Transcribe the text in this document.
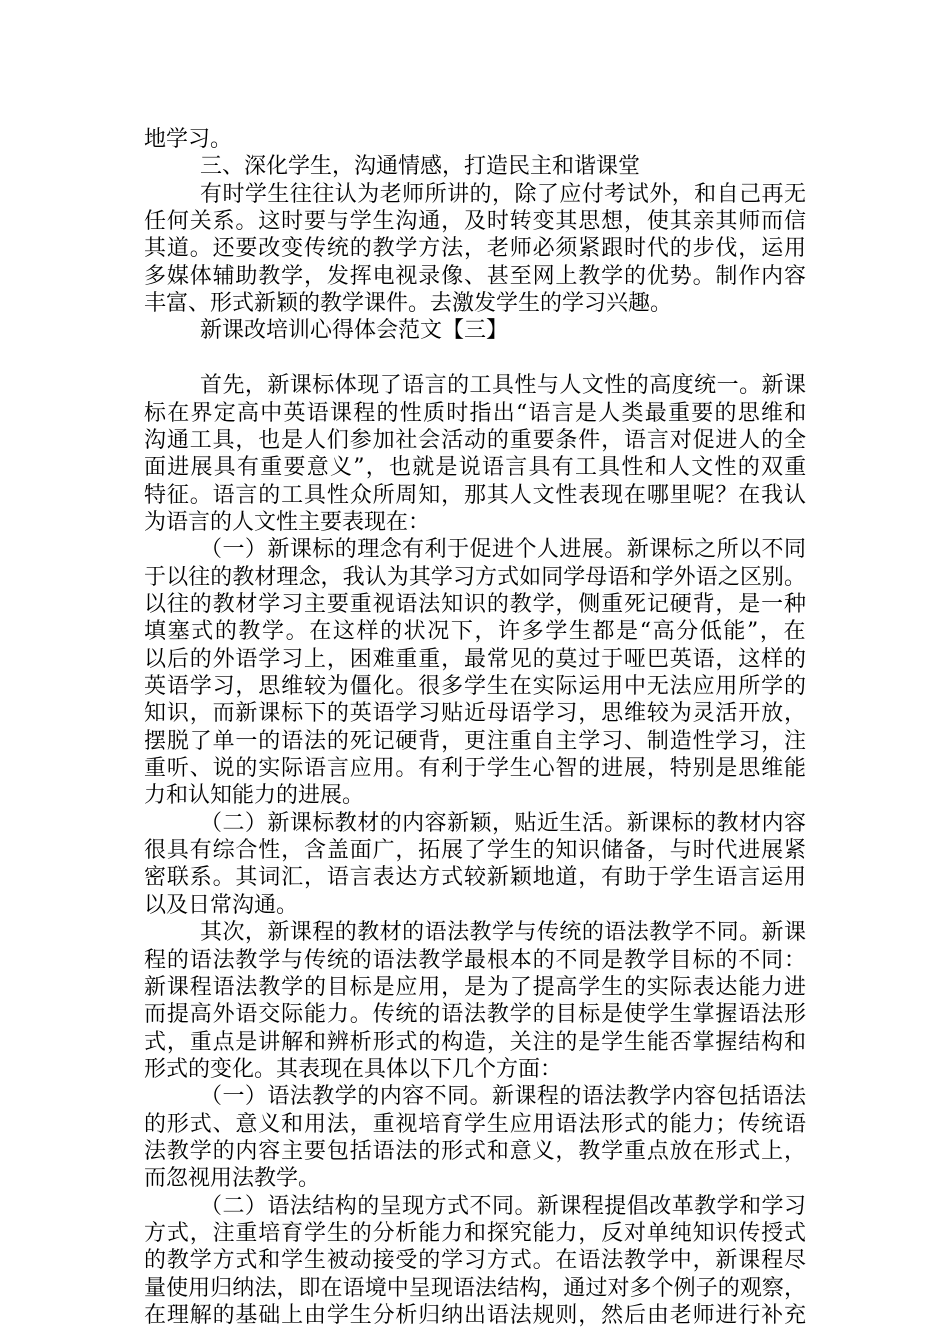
地学习。

三、深化学生，沟通情感，打造民主和谐课堂

有时学生往往认为老师所讲的，除了应付考试外，和自己再无

任何关系。这时要与学生沟通，及时转变其思想，使其亲其师而信

其道。还要改变传统的教学方法，老师必须紧跟时代的步伐，运用

多媒体辅助教学，发挥电视录像、甚至网上教学的优势。制作内容

丰富、形式新颖的教学课件。去激发学生的学习兴趣。

新课改培训心得体会范文【三】

首先，新课标体现了语言的工具性与人文性的高度统一。新课

标在界定高中英语课程的性质时指出“语言是人类最重要的思维和

沟通工具，也是人们参加社会活动的重要条件，语言对促进人的全

面进展具有重要意义”，也就是说语言具有工具性和人文性的双重

特征。语言的工具性众所周知，那其人文性表现在哪里呢？在我认

为语言的人文性主要表现在：

（一）新课标的理念有利于促进个人进展。新课标之所以不同

于以往的教材理念，我认为其学习方式如同学母语和学外语之区别。

以往的教材学习主要重视语法知识的教学，侧重死记硬背，是一种

填塞式的教学。在这样的状况下，许多学生都是“高分低能”，在

以后的外语学习上，困难重重，最常见的莫过于哑巴英语，这样的

英语学习，思维较为僵化。很多学生在实际运用中无法应用所学的

知识，而新课标下的英语学习贴近母语学习，思维较为灵活开放，

摆脱了单一的语法的死记硬背，更注重自主学习、制造性学习，注

重听、说的实际语言应用。有利于学生心智的进展，特别是思维能

力和认知能力的进展。

（二）新课标教材的内容新颖，贴近生活。新课标的教材内容

很具有综合性，含盖面广，拓展了学生的知识储备，与时代进展紧

密联系。其词汇，语言表达方式较新颖地道，有助于学生语言运用

以及日常沟通。

其次，新课程的教材的语法教学与传统的语法教学不同。新课

程的语法教学与传统的语法教学最根本的不同是教学目标的不同：

新课程语法教学的目标是应用，是为了提高学生的实际表达能力进

而提高外语交际能力。传统的语法教学的目标是使学生掌握语法形

式，重点是讲解和辨析形式的构造，关注的是学生能否掌握结构和

形式的变化。其表现在具体以下几个方面：

（一）语法教学的内容不同。新课程的语法教学内容包括语法

的形式、意义和用法，重视培育学生应用语法形式的能力；传统语

法教学的内容主要包括语法的形式和意义，教学重点放在形式上，

而忽视用法教学。

（二）语法结构的呈现方式不同。新课程提倡改革教学和学习

方式，注重培育学生的分析能力和探究能力，反对单纯知识传授式

的教学方式和学生被动接受的学习方式。在语法教学中，新课程尽

量使用归纳法，即在语境中呈现语法结构，通过对多个例子的观察，

在理解的基础上由学生分析归纳出语法规则，然后由老师进行补充
